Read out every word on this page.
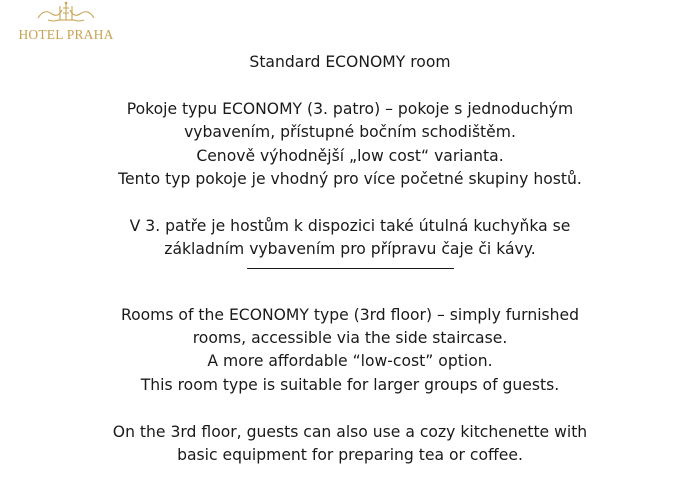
HOTEL PRAHA

Standard ECONOMY room

Pokoje typu ECONOMY (3. patro) – pokoje s jednoduchým
vybavením, přístupné bočním schodištěm.
Cenově výhodnější „low cost“ varianta.
Tento typ pokoje je vhodný pro více početné skupiny hostů.

V 3. patře je hostům k dispozici také útulná kuchyňka se
základním vybavením pro přípravu čaje či kávy.

Rooms of the ECONOMY type (3rd floor) – simply furnished
rooms, accessible via the side staircase.
A more affordable “low-cost” option.
This room type is suitable for larger groups of guests.

On the 3rd floor, guests can also use a cozy kitchenette with
basic equipment for preparing tea or coffee.
